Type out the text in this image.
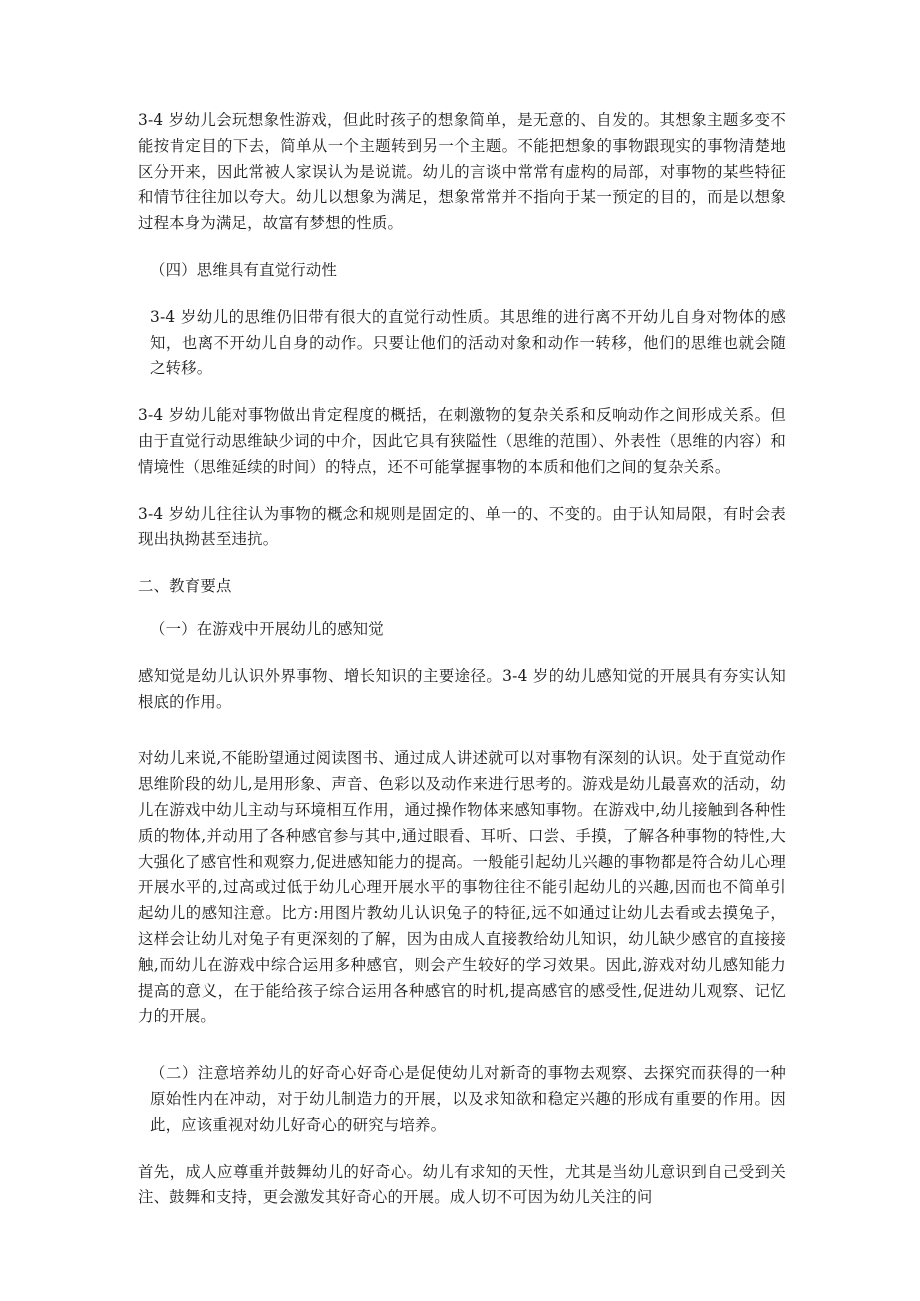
3-4 岁幼儿会玩想象性游戏，但此时孩子的想象简单，是无意的、自发的。其想象主题多变不能按肯定目的下去，简单从一个主题转到另一个主题。不能把想象的事物跟现实的事物清楚地区分开来，因此常被人家误认为是说谎。幼儿的言谈中常常有虚构的局部，对事物的某些特征和情节往往加以夸大。幼儿以想象为满足，想象常常并不指向于某一预定的目的，而是以想象过程本身为满足，故富有梦想的性质。

（四）思维具有直觉行动性

3-4 岁幼儿的思维仍旧带有很大的直觉行动性质。其思维的进行离不开幼儿自身对物体的感知，也离不开幼儿自身的动作。只要让他们的活动对象和动作一转移，他们的思维也就会随之转移。

3-4 岁幼儿能对事物做出肯定程度的概括，在刺激物的复杂关系和反响动作之间形成关系。但由于直觉行动思维缺少词的中介，因此它具有狭隘性（思维的范围）、外表性（思维的内容）和情境性（思维延续的时间）的特点，还不可能掌握事物的本质和他们之间的复杂关系。

3-4 岁幼儿往往认为事物的概念和规则是固定的、单一的、不变的。由于认知局限，有时会表现出执拗甚至违抗。

二、教育要点

（一）在游戏中开展幼儿的感知觉

感知觉是幼儿认识外界事物、增长知识的主要途径。3-4 岁的幼儿感知觉的开展具有夯实认知根底的作用。

对幼儿来说,不能盼望通过阅读图书、通过成人讲述就可以对事物有深刻的认识。处于直觉动作思维阶段的幼儿,是用形象、声音、色彩以及动作来进行思考的。游戏是幼儿最喜欢的活动，幼儿在游戏中幼儿主动与环境相互作用，通过操作物体来感知事物。在游戏中,幼儿接触到各种性质的物体,并动用了各种感官参与其中,通过眼看、耳听、口尝、手摸，了解各种事物的特性,大大强化了感官性和观察力,促进感知能力的提高。一般能引起幼儿兴趣的事物都是符合幼儿心理开展水平的,过高或过低于幼儿心理开展水平的事物往往不能引起幼儿的兴趣,因而也不简单引起幼儿的感知注意。比方:用图片教幼儿认识兔子的特征,远不如通过让幼儿去看或去摸兔子，这样会让幼儿对兔子有更深刻的了解，因为由成人直接教给幼儿知识，幼儿缺少感官的直接接触,而幼儿在游戏中综合运用多种感官，则会产生较好的学习效果。因此,游戏对幼儿感知能力提高的意义，在于能给孩子综合运用各种感官的时机,提高感官的感受性,促进幼儿观察、记忆力的开展。

（二）注意培养幼儿的好奇心好奇心是促使幼儿对新奇的事物去观察、去探究而获得的一种原始性内在冲动，对于幼儿制造力的开展，以及求知欲和稳定兴趣的形成有重要的作用。因此，应该重视对幼儿好奇心的研究与培养。

首先，成人应尊重并鼓舞幼儿的好奇心。幼儿有求知的天性，尤其是当幼儿意识到自己受到关注、鼓舞和支持，更会激发其好奇心的开展。成人切不可因为幼儿关注的问
